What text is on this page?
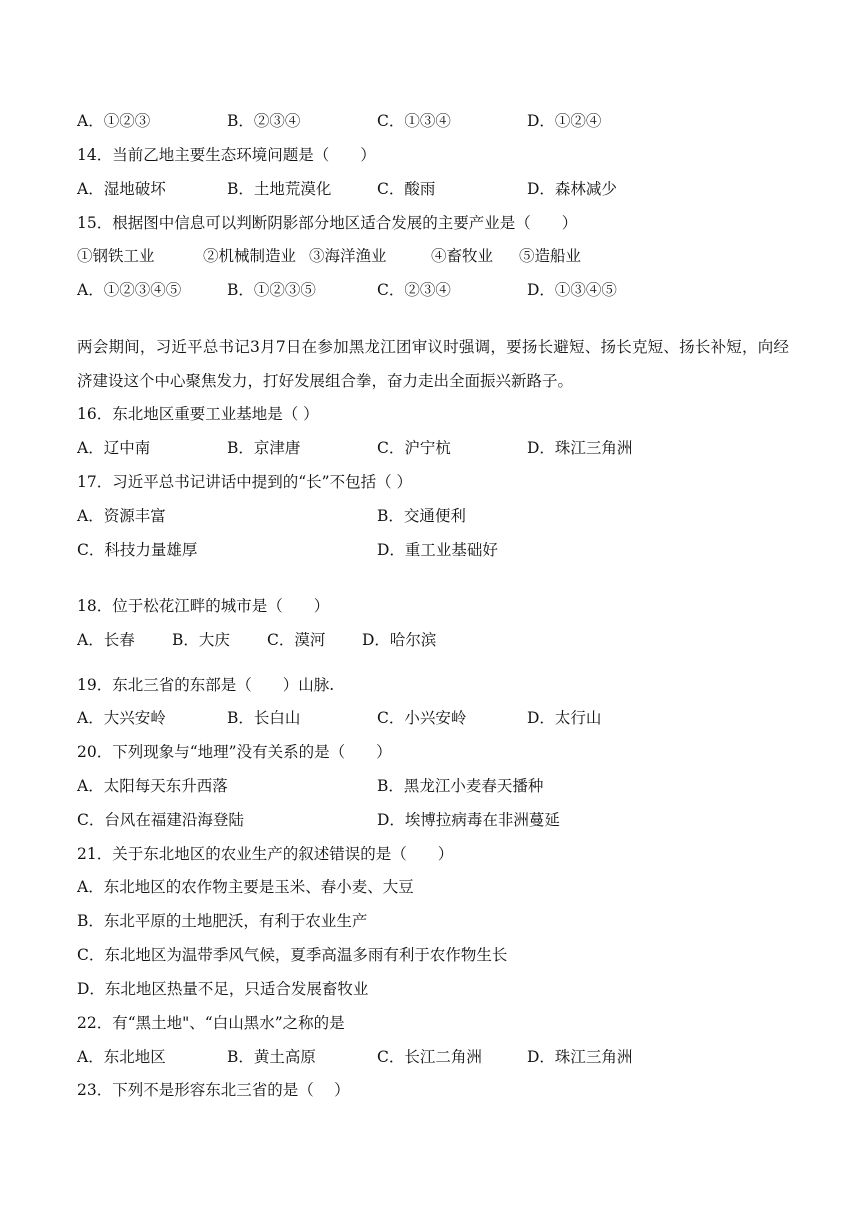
A．①②③	B．②③④	C．①③④	D．①②④
14．当前乙地主要生态环境问题是（　　）
A．湿地破坏	B．土地荒漠化	C．酸雨	D．森林减少
15．根据图中信息可以判断阴影部分地区适合发展的主要产业是（　　）
①钢铁工业	②机械制造业 ③海洋渔业	④畜牧业 ⑤造船业
A．①②③④⑤	B．①②③⑤	C．②③④	D．①③④⑤
两会期间，习近平总书记3月7日在参加黑龙江团审议时强调，要扬长避短、扬长克短、扬长补短，向经济建设这个中心聚焦发力，打好发展组合拳，奋力走出全面振兴新路子。
16．东北地区重要工业基地是（ ）
A．辽中南	B．京津唐	C．沪宁杭	D．珠江三角洲
17．习近平总书记讲话中提到的“长”不包括（ ）
A．资源丰富	B．交通便利
C．科技力量雄厚	D．重工业基础好
18．位于松花江畔的城市是（　　）
A．长春 B．大庆 C．漠河 D．哈尔滨
19．东北三省的东部是（　　）山脉.
A．大兴安岭	B．长白山	C．小兴安岭	D．太行山
20．下列现象与“地理”没有关系的是（　　）
A．太阳每天东升西落	B．黑龙江小麦春天播种
C．台风在福建沿海登陆	D．埃博拉病毒在非洲蔓延
21．关于东北地区的农业生产的叙述错误的是（　　）
A．东北地区的农作物主要是玉米、春小麦、大豆
B．东北平原的土地肥沃，有利于农业生产
C．东北地区为温带季风气候，夏季高温多雨有利于农作物生长
D．东北地区热量不足，只适合发展畜牧业
22．有“黑土地"、“白山黑水”之称的是
A．东北地区	B．黄土高原	C．长江二角洲	D．珠江三角洲
23．下列不是形容东北三省的是（　 ）
